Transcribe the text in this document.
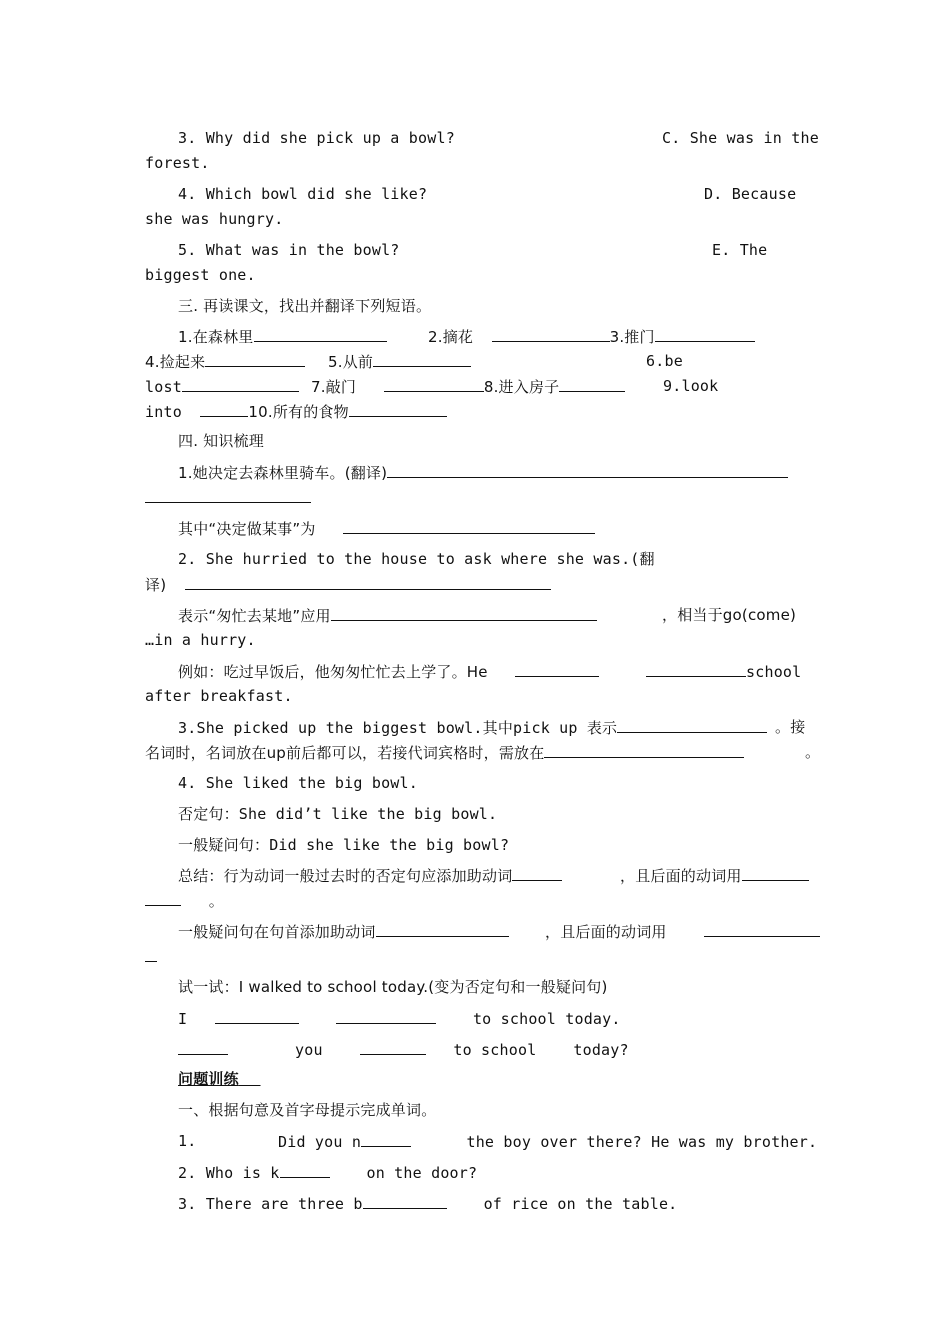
3. Why did she pick up a bowl?	C. She was in the
forest.
4. Which bowl did she like?	D. Because
she was hungry.
5. What was in the bowl?	E. The
biggest one.
三. 再读课文，找出并翻译下列短语。
1.在森林里	2.摘花	3.推门
4.捡起来	5.从前	6.be
lost	7.敲门	8.进入房子	9.look
into	10.所有的食物
四. 知识梳理
1.她决定去森林里骑车。(翻译)
其中“决定做某事”为
2. She hurried to the house to ask where she was.(翻
译)
表示“匆忙去某地”应用	，相当于go(come)
…in a hurry.
例如：吃过早饭后，他匆匆忙忙去上学了。He	school
after breakfast.
3.She picked up the biggest bowl.其中pick up 表示	。接
名词时，名词放在up前后都可以，若接代词宾格时，需放在	。
4. She liked the big bowl.
否定句：She did’t like the big bowl.
一般疑问句：Did she like the big bowl?
总结：行为动词一般过去时的否定句应添加助动词	，且后面的动词用
。
一般疑问句在句首添加助动词	，且后面的动词用
试一试：I walked to school today.(变为否定句和一般疑问句)
I	to school today.
you	to school today?
问题训练
一、根据句意及首字母提示完成单词。
1.	Did you n	the boy over there? He was my brother.
2. Who is k	on the door?
3. There are three b	of rice on the table.
